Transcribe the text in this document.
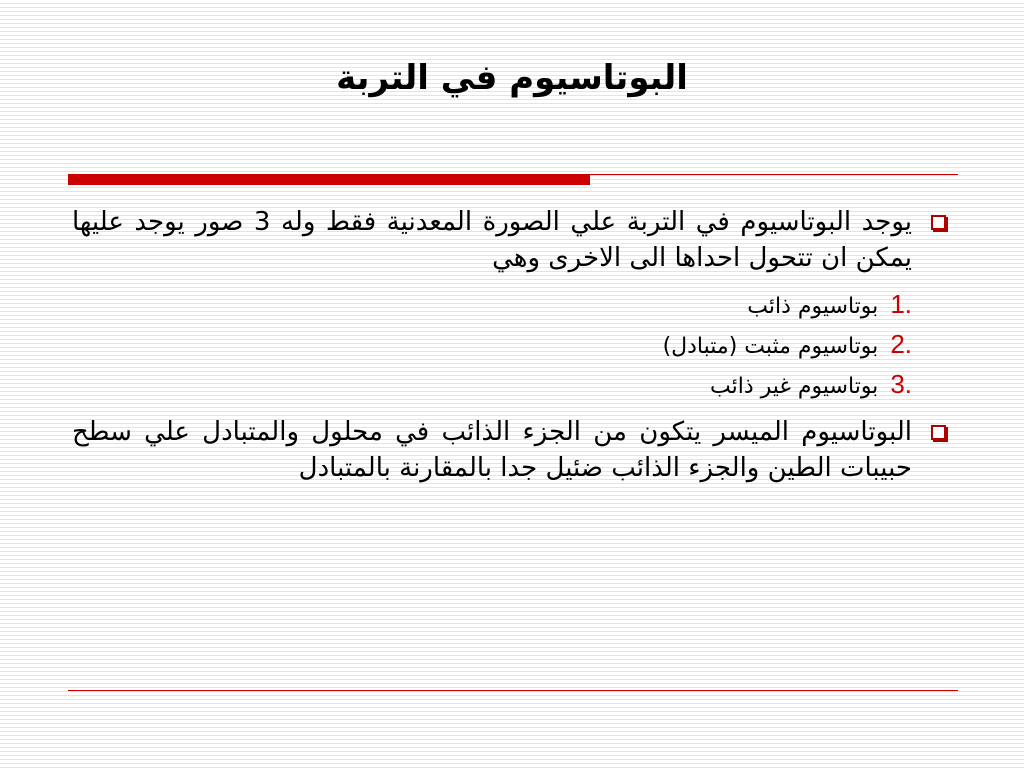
البوتاسيوم في التربة
يوجد البوتاسيوم في التربة علي الصورة المعدنية فقط وله 3 صور يوجد عليها يمكن ان تتحول احداها الى الاخرى وهي
1.
بوتاسيوم ذائب
2.
بوتاسيوم مثبت (متبادل)
3.
بوتاسيوم غير ذائب
البوتاسيوم الميسر يتكون من الجزء الذائب في محلول والمتبادل علي سطح حبيبات الطين والجزء الذائب ضئيل جدا بالمقارنة بالمتبادل
